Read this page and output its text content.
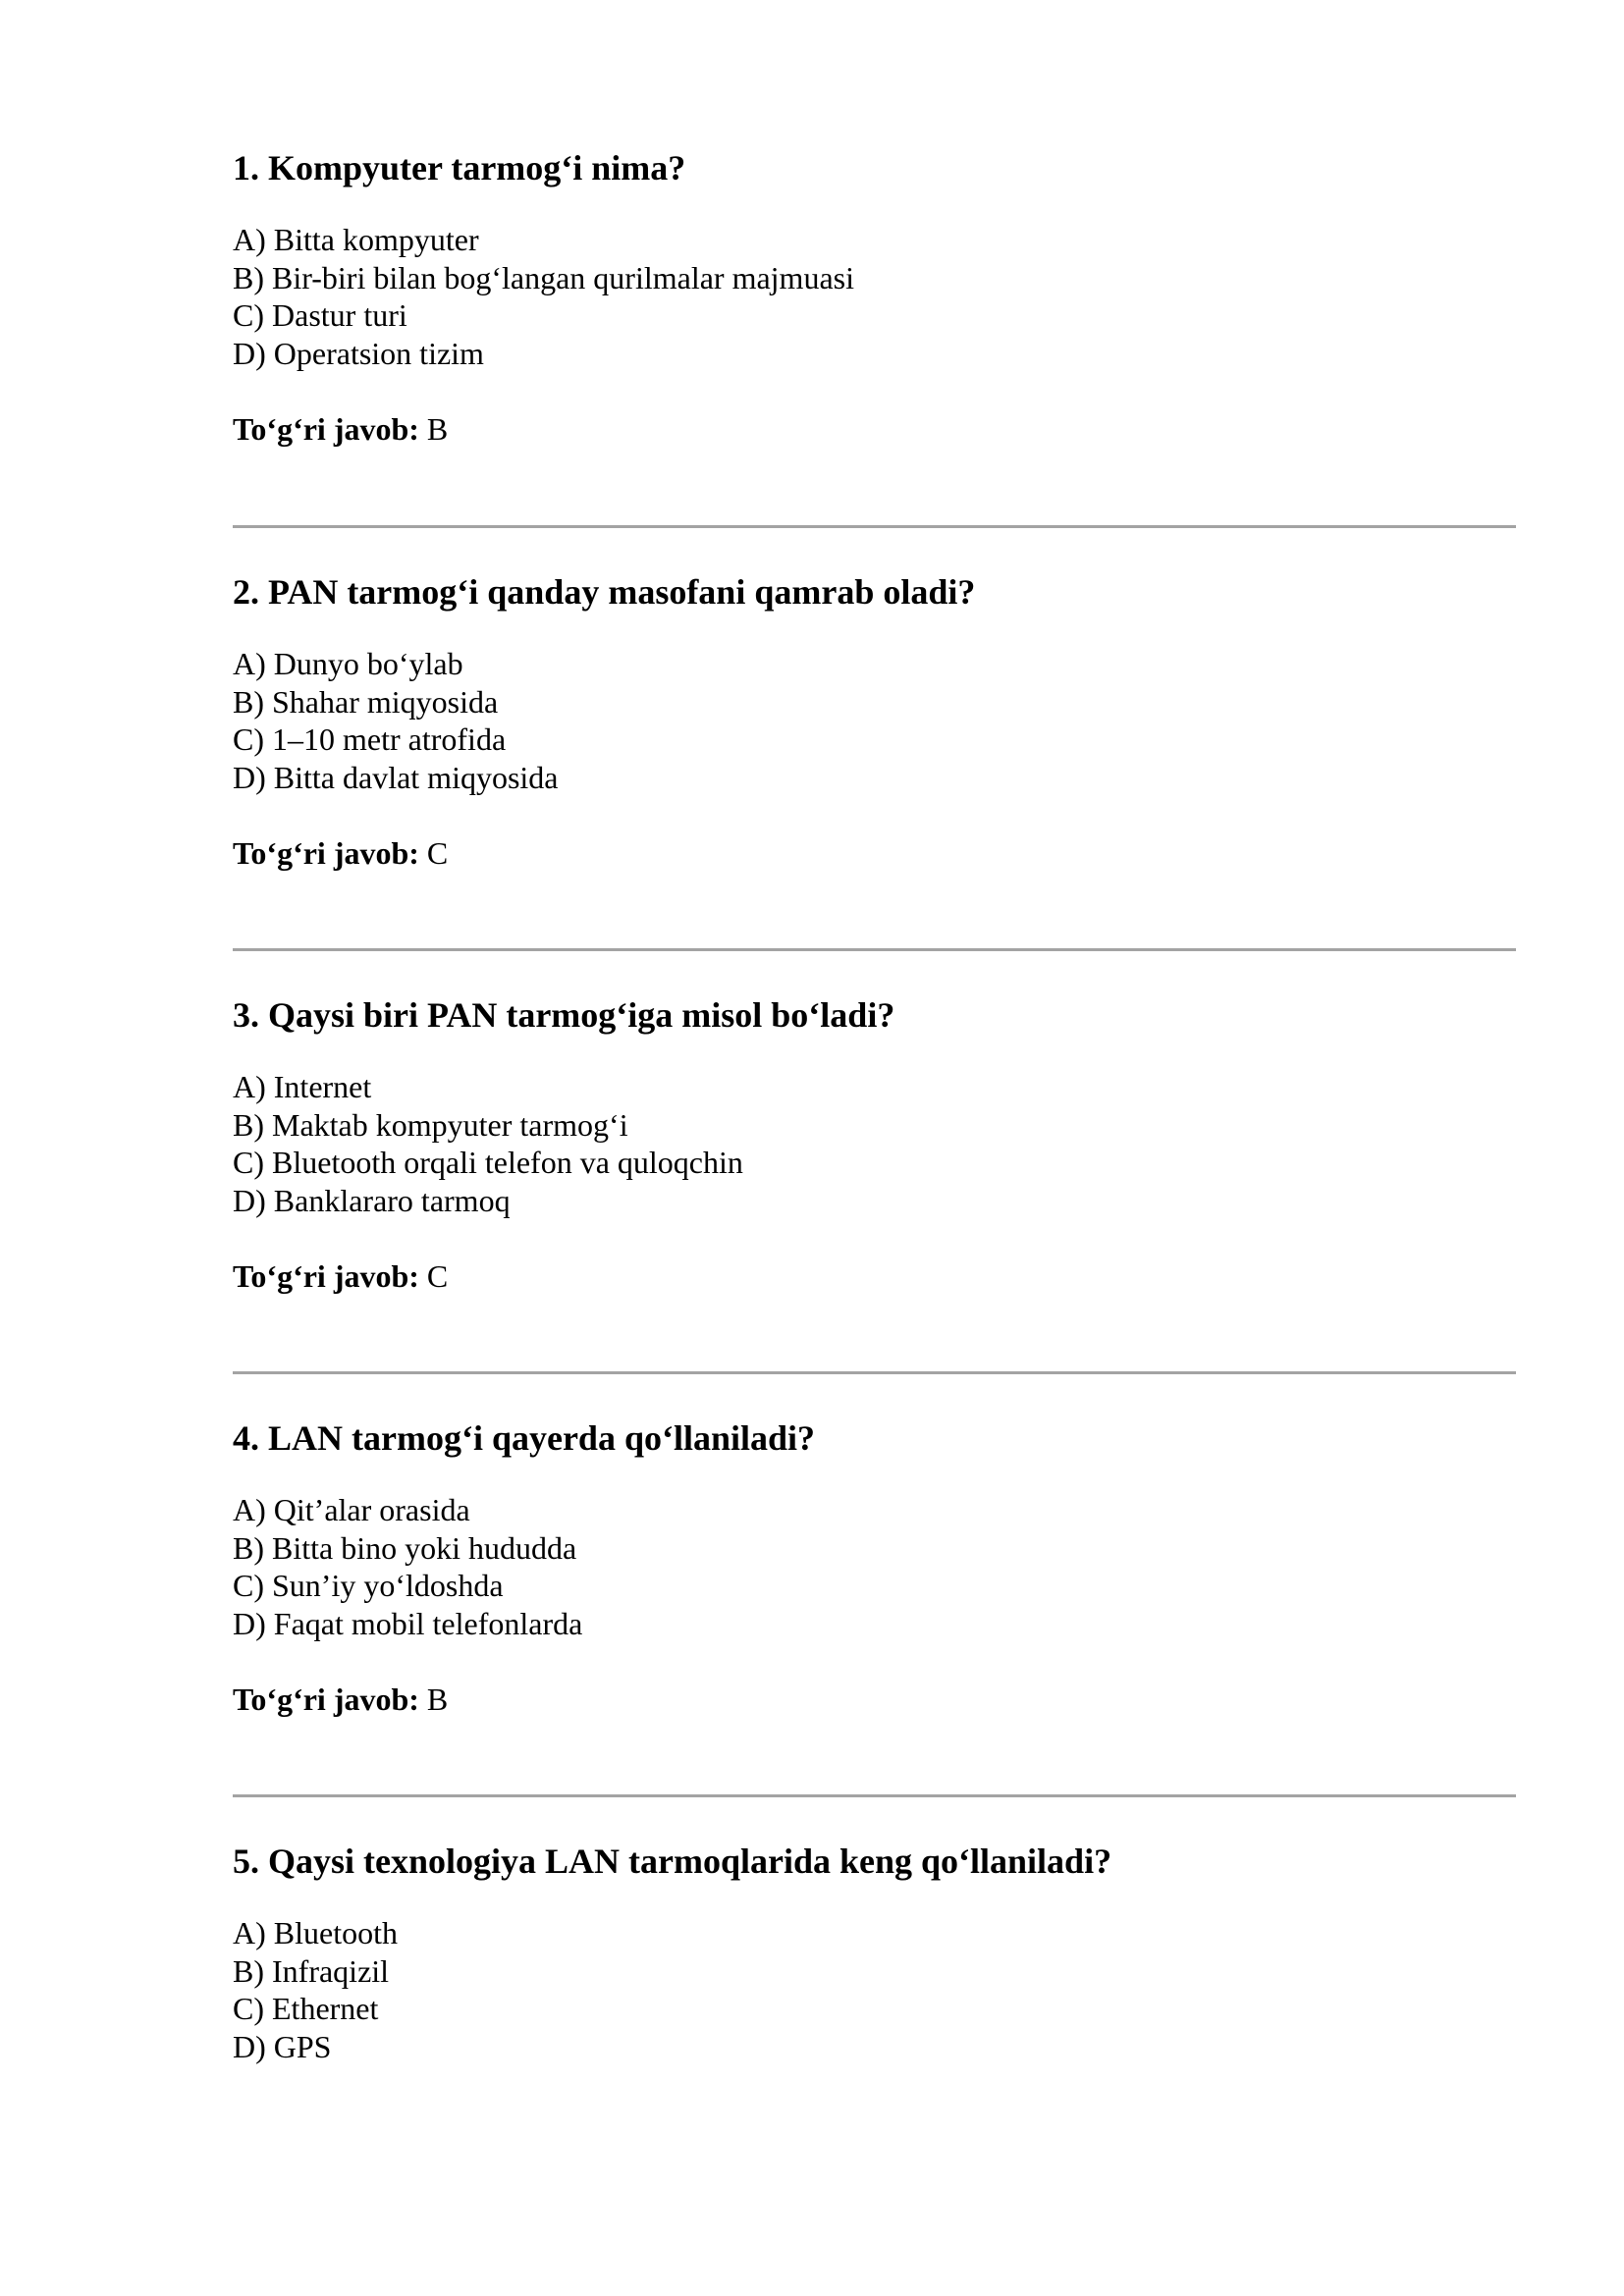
1. Kompyuter tarmog‘i nima?
A) Bitta kompyuter
B) Bir-biri bilan bog‘langan qurilmalar majmuasi
C) Dastur turi
D) Operatsion tizim
To‘g‘ri javob: B
2. PAN tarmog‘i qanday masofani qamrab oladi?
A) Dunyo bo‘ylab
B) Shahar miqyosida
C) 1–10 metr atrofida
D) Bitta davlat miqyosida
To‘g‘ri javob: C
3. Qaysi biri PAN tarmog‘iga misol bo‘ladi?
A) Internet
B) Maktab kompyuter tarmog‘i
C) Bluetooth orqali telefon va quloqchin
D) Banklararo tarmoq
To‘g‘ri javob: C
4. LAN tarmog‘i qayerda qo‘llaniladi?
A) Qit’alar orasida
B) Bitta bino yoki hududda
C) Sun’iy yo‘ldoshda
D) Faqat mobil telefonlarda
To‘g‘ri javob: B
5. Qaysi texnologiya LAN tarmoqlarida keng qo‘llaniladi?
A) Bluetooth
B) Infraqizil
C) Ethernet
D) GPS
